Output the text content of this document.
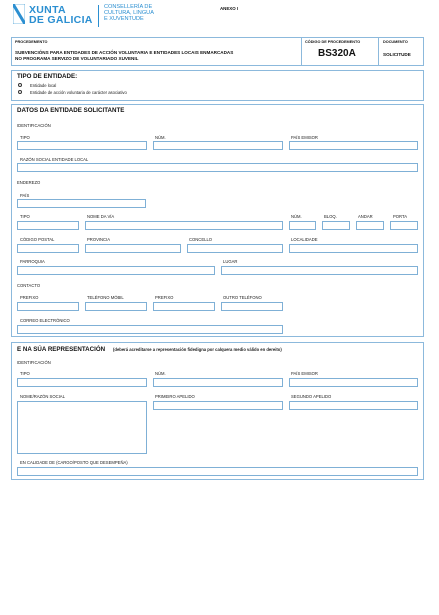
XUNTA
DE GALICIA
CONSELLERÍA DE
CULTURA, LINGUA
E XUVENTUDE
ANEXO I
PROCEDEMENTO
SUBVENCIÓNS PARA ENTIDADES DE ACCIÓN VOLUNTARIA E ENTIDADES LOCAIS ENMARCADAS
NO PROGRAMA SERVIZO DE VOLUNTARIADO XUVENIL
CÓDIGO DE PROCEDEMENTO
BS320A
DOCUMENTO
SOLICITUDE
TIPO DE ENTIDADE:
Entidade local
Entidade de acción voluntaria de carácter asociativo
DATOS DA ENTIDADE SOLICITANTE
IDENTIFICACIÓN
TIPO	NÚM.	PAÍS EMISOR
RAZÓN SOCIAL ENTIDADE LOCAL
ENDEREZO
PAÍS
TIPO	NOME DA VÍA	NÚM.	BLOQ.	ANDAR	PORTA
CÓDIGO POSTAL	PROVINCIA	CONCELLO	LOCALIDADE
PARROQUIA	LUGAR
CONTACTO
PREFIXO	TELÉFONO MÓBIL	PREFIXO	OUTRO TELÉFONO
CORREO ELECTRÓNICO
E NA SÚA REPRESENTACIÓN (deberá acreditarse a representación fidedigna por calquera medio válido en dereito)
IDENTIFICACIÓN
TIPO	NÚM.	PAÍS EMISOR
NOME/RAZÓN SOCIAL	PRIMEIRO APELIDO	SEGUNDO APELIDO
EN CALIDADE DE (CARGO/POSTO QUE DESEMPEÑA)
